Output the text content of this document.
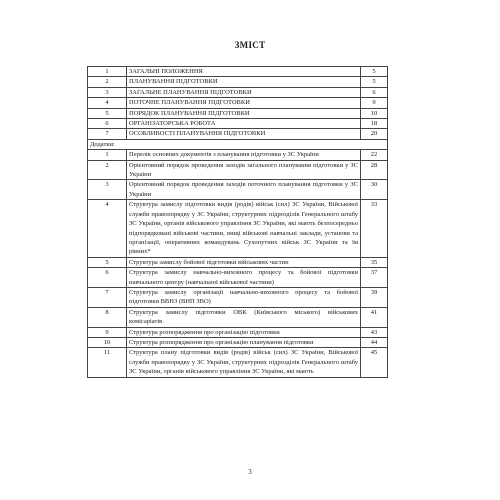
ЗМІСТ
1	ЗАГАЛЬНІ ПОЛОЖЕННЯ	5
2	ПЛАНУВАННЯ ПІДГОТОВКИ	5
3	ЗАГАЛЬНЕ ПЛАНУВАННЯ ПІДГОТОВКИ	6
4	ПОТОЧНЕ ПЛАНУВАННЯ ПІДГОТОВКИ	9
5	ПОРЯДОК ПЛАНУВАННЯ ПІДГОТОВКИ	10
6	ОРГАНІЗАТОРСЬКА РОБОТА	18
7	ОСОБЛИВОСТІ ПЛАНУВАННЯ ПІДГОТОВКИ	20
Додатки:		
1	Перелік основних документів з планування підготовки у ЗС України	22
2	Орієнтовний порядок проведення заходів загального планування підготовки у ЗС України	28
3	Орієнтовний порядок проведення заходів поточного планування підготовки у ЗС України	30
4	Структура замислу підготовки видів (родів) військ (сил) ЗС України, Військової служби правопорядку у ЗС України, структурних підрозділів Генерального штабу ЗС України, органів військового управління ЗС України, які мають безпосередньо підпорядковані військові частини, вищі військові навчальні заклади, установи та організації, оперативних командувань Сухопутних військ ЗС України та їм рівних*	33
5	Структура замислу бойової підготовки військових частин	35
6	Структура замислу навчально-виховного процесу та бойової підготовки навчального центру (навчальної військової частини)	37
7	Структура замислу організації навчально-виховного процесу та бойової підготовки ВВНЗ (ВНП ЗВО)	39
8	Структура замислу підготовки ОВК (Київського міського) військових комісаріатів.	41
9	Структура розпорядження про організацію підготовки	43
10	Структура розпорядження про організацію планування підготовки	44
11	Структура плану підготовки видів (родів) військ (сил) ЗС України, Військової служби правопорядку у ЗС України, структурних підрозділів Генерального штабу ЗС України, органів військового управління ЗС України, які мають	45
3
